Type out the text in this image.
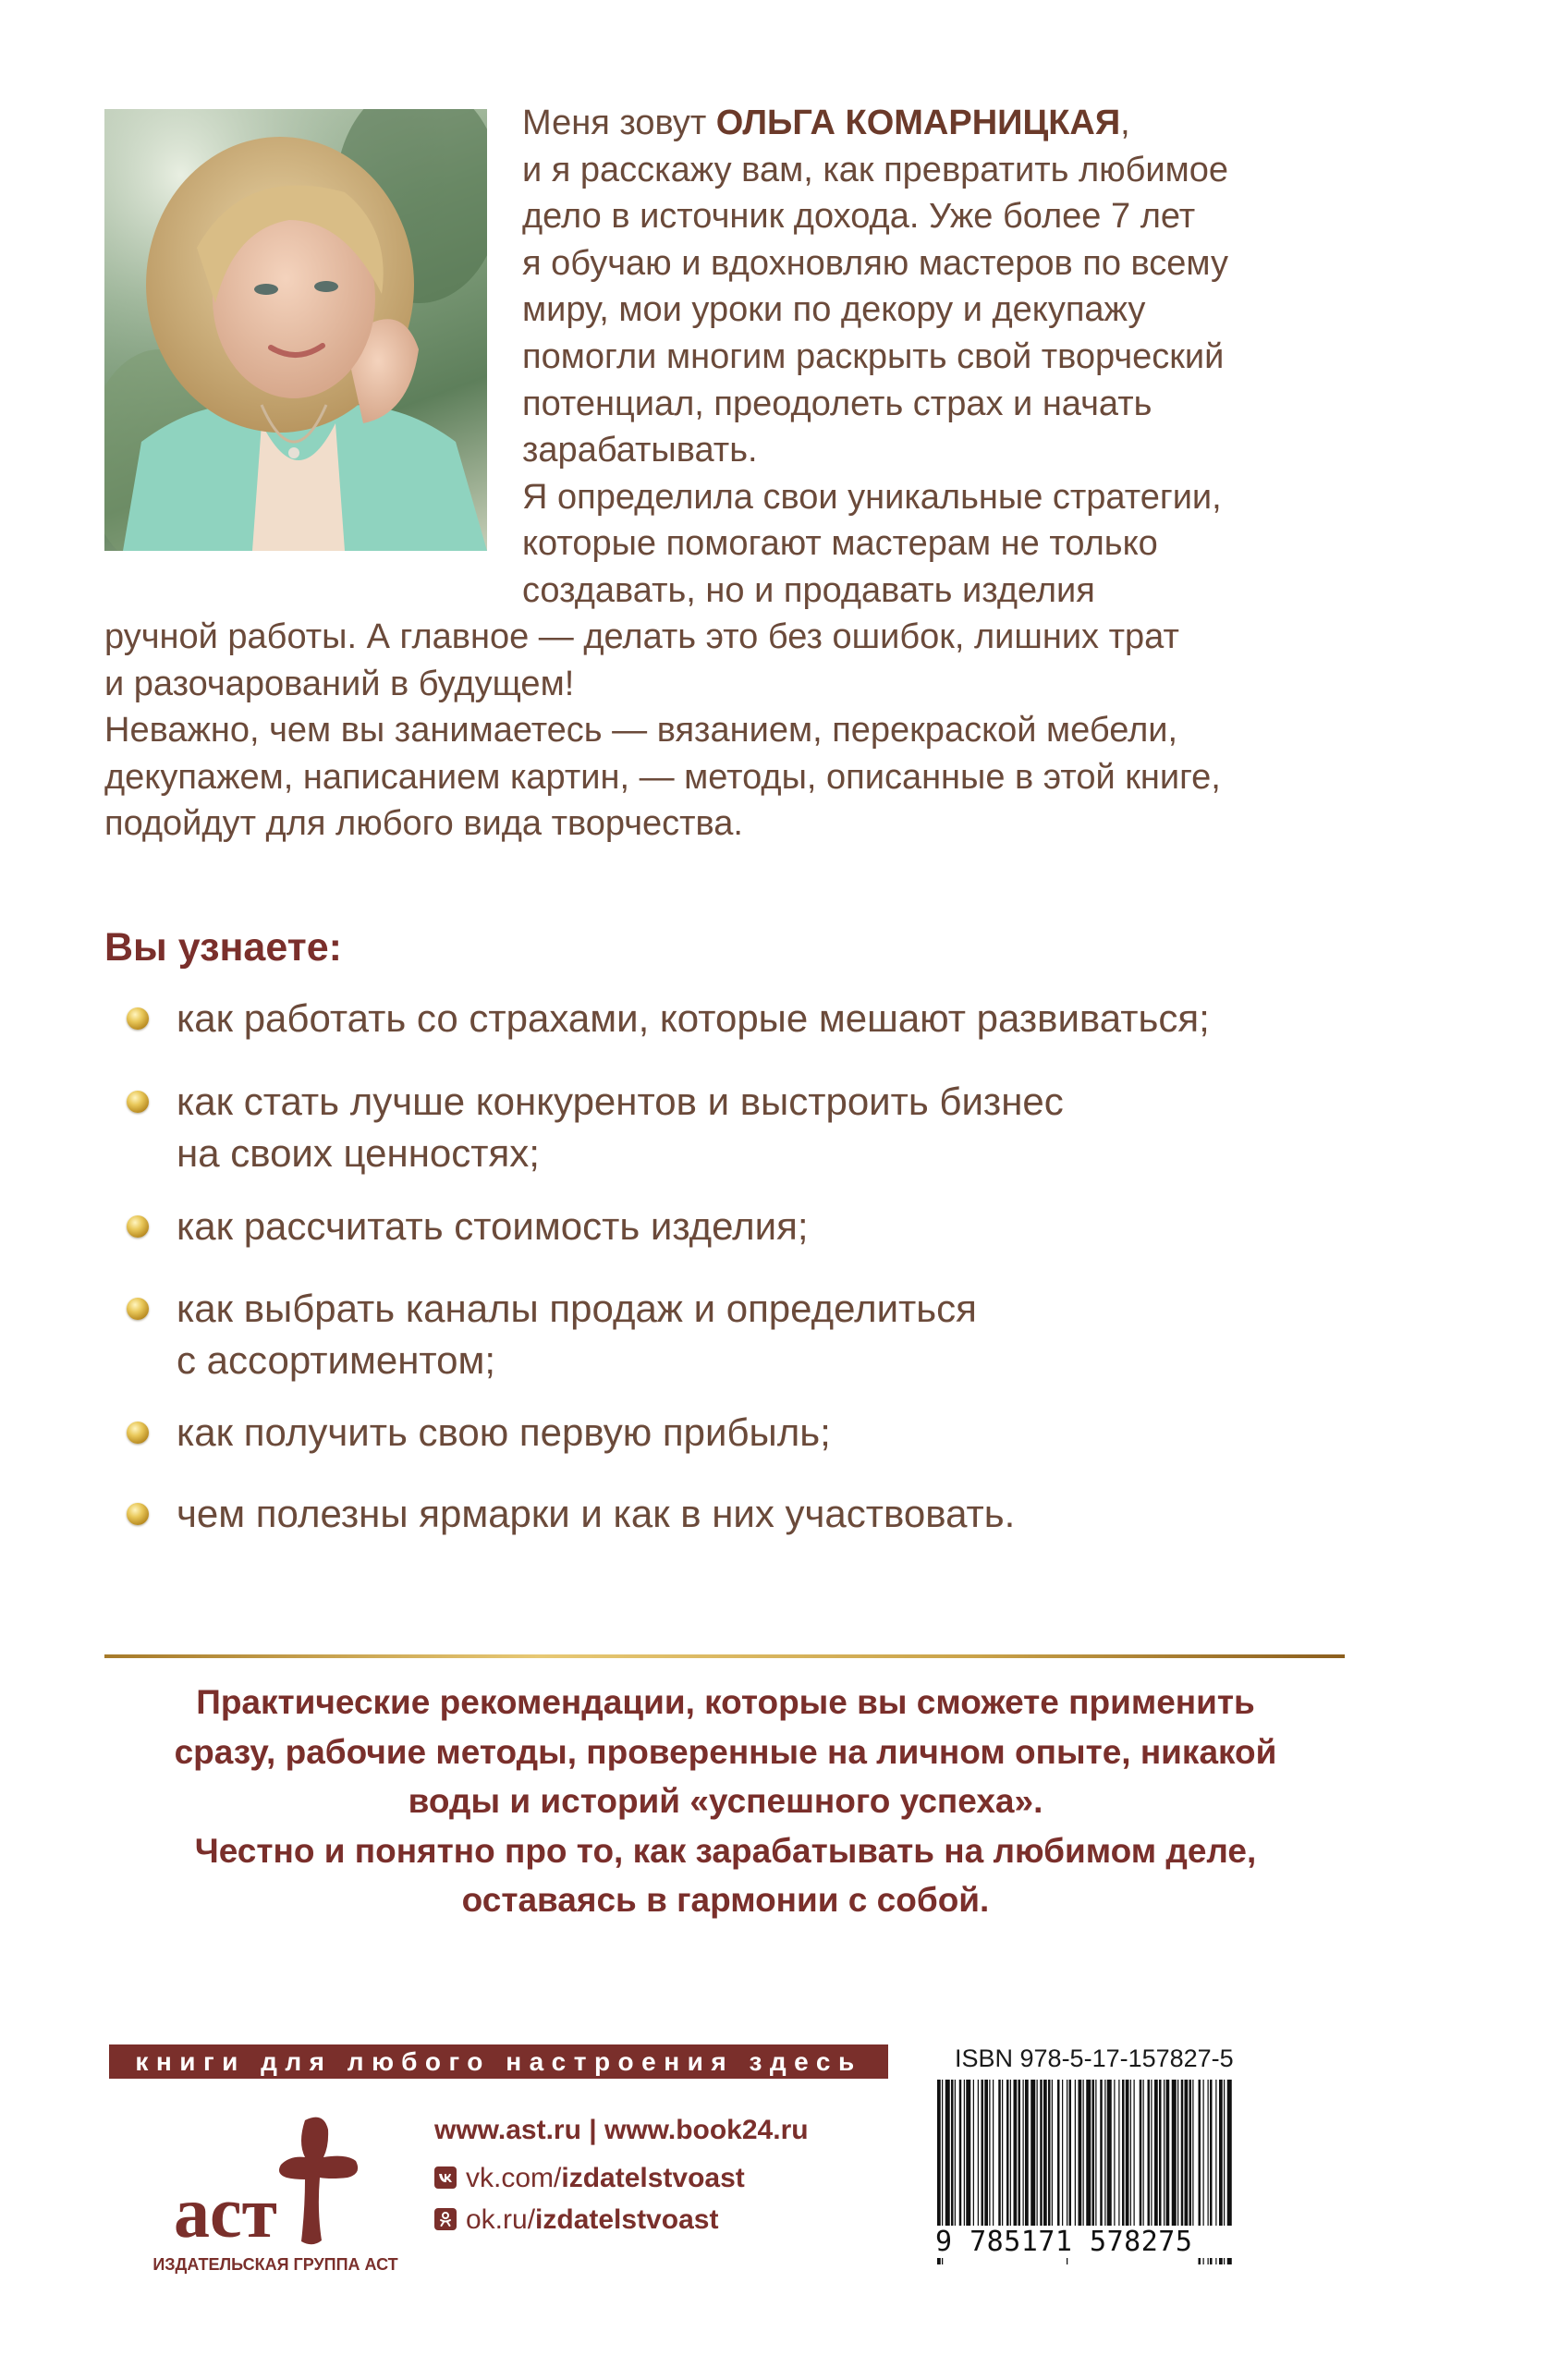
Меня зовут ОЛЬГА КОМАРНИЦКАЯ,
и я расскажу вам, как превратить любимое
дело в источник дохода. Уже более 7 лет
я обучаю и вдохновляю мастеров по всему
миру, мои уроки по декору и декупажу
помогли многим раскрыть свой творческий
потенциал, преодолеть страх и начать
зарабатывать.
Я определила свои уникальные стратегии,
которые помогают мастерам не только
создавать, но и продавать изделия
ручной работы. А главное — делать это без ошибок, лишних трат
и разочарований в будущем!
Неважно, чем вы занимаетесь — вязанием, перекраской мебели,
декупажем, написанием картин, — методы, описанные в этой книге,
подойдут для любого вида творчества.
Вы узнаете:
как работать со страхами, которые мешают развиваться;
как стать лучше конкурентов и выстроить бизнес
на своих ценностях;
как рассчитать стоимость изделия;
как выбрать каналы продаж и определиться
с ассортиментом;
как получить свою первую прибыль;
чем полезны ярмарки и как в них участвовать.
Практические рекомендации, которые вы сможете применить
сразу, рабочие методы, проверенные на личном опыте, никакой
воды и историй «успешного успеха».
Честно и понятно про то, как зарабатывать на любимом деле,
оставаясь в гармонии с собой.
книги для любого настроения здесь
аст
ИЗДАТЕЛЬСКАЯ ГРУППА АСТ
www.ast.ru | www.book24.ru
vk.com/izdatelstvoast
ok.ru/izdatelstvoast
ISBN 978-5-17-157827-5
9 785171 578275
